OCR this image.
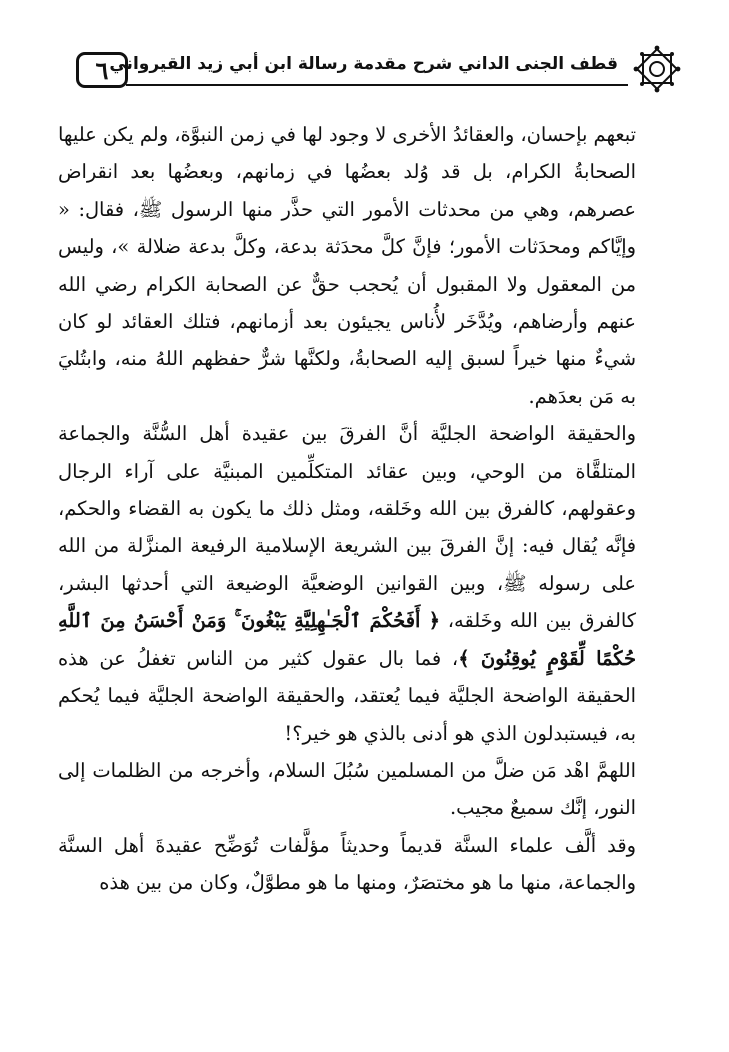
٦ قطف الجنى الداني شرح مقدمة رسالة ابن أبي زيد القيرواني

تبعهم بإحسان، والعقائدُ الأخرى لا وجود لها في زمن النبوَّة، ولم يكن عليها الصحابةُ الكرام، بل قد وُلد بعضُها في زمانهم، وبعضُها بعد انقراض عصرهم، وهي من محدثات الأمور التي حذَّر منها الرسول ﷺ، فقال: « وإيَّاكم ومحدَثات الأمور؛ فإنَّ كلَّ محدَثة بدعة، وكلَّ بدعة ضلالة »، وليس من المعقول ولا المقبول أن يُحجب حقٌّ عن الصحابة الكرام رضي الله عنهم وأرضاهم، ويُدَّخَر لأُناس يجيئون بعد أزمانهم، فتلك العقائد لو كان شيءٌ منها خيراً لسبق إليه الصحابةُ، ولكنَّها شرٌّ حفظهم اللهُ منه، وابتُليَ به مَن بعدَهم.

والحقيقة الواضحة الجليَّة أنَّ الفرقَ بين عقيدة أهل السُّنَّة والجماعة المتلقَّاة من الوحي، وبين عقائد المتكلِّمين المبنيَّة على آراء الرجال وعقولهم، كالفرق بين الله وخَلقه، ومثل ذلك ما يكون به القضاء والحكم، فإنَّه يُقال فيه: إنَّ الفرقَ بين الشريعة الإسلامية الرفيعة المنزَّلة من الله على رسوله ﷺ، وبين القوانين الوضعيَّة الوضيعة التي أحدثها البشر، كالفرق بين الله وخَلقه، ﴿ أَفَحُكْمَ ٱلْجَـٰهِلِيَّةِ يَبْغُونَ ۚ وَمَنْ أَحْسَنُ مِنَ ٱللَّهِ حُكْمًا لِّقَوْمٍ يُوقِنُونَ ﴾، فما بال عقول كثير من الناس تغفلُ عن هذه الحقيقة الواضحة الجليَّة فيما يُعتقد، والحقيقة الواضحة الجليَّة فيما يُحكم به، فيستبدلون الذي هو أدنى بالذي هو خير؟!

اللهمَّ اهْد مَن ضلَّ من المسلمين سُبُلَ السلام، وأخرجه من الظلمات إلى النور، إنَّك سميعٌ مجيب.

وقد ألَّف علماء السنَّة قديماً وحديثاً مؤلَّفات تُوَضِّح عقيدةَ أهل السنَّة والجماعة، منها ما هو مختصَرٌ، ومنها ما هو مطوَّلٌ، وكان من بين هذه
